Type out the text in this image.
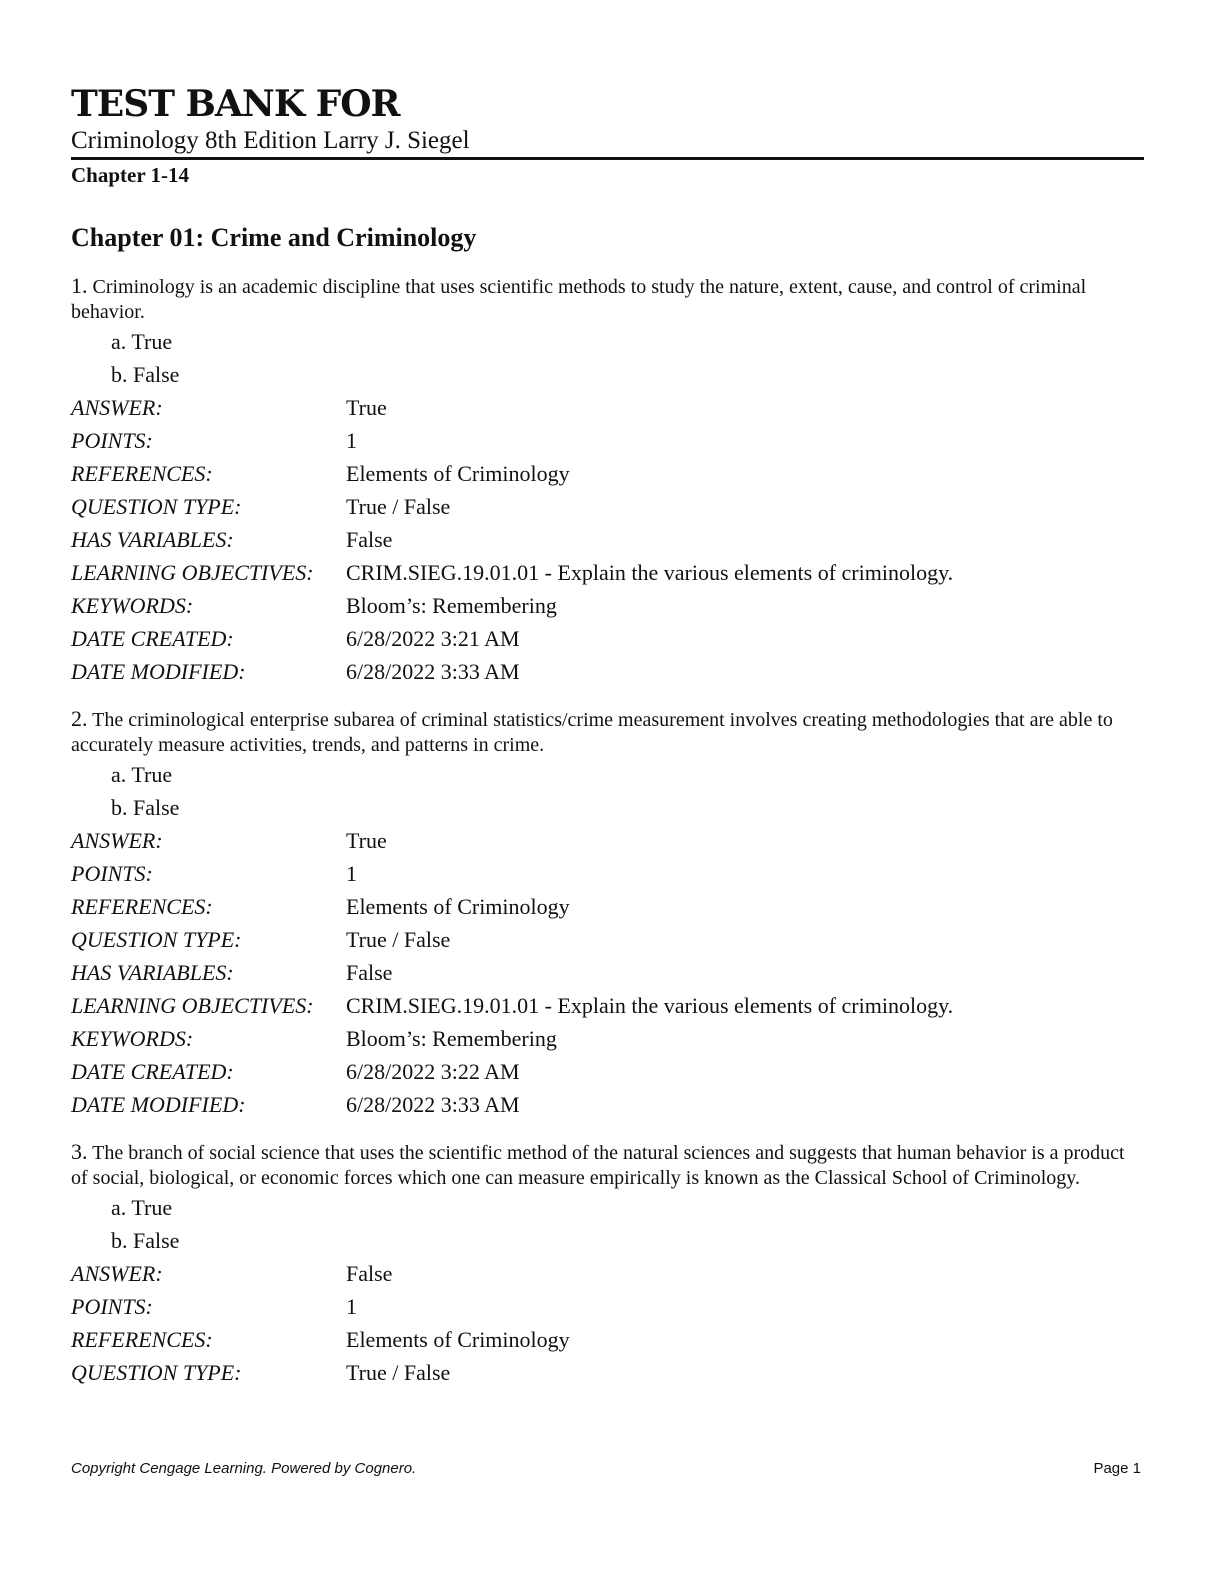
TEST BANK FOR
Criminology 8th Edition Larry J. Siegel
Chapter 1-14
Chapter 01: Crime and Criminology
1. Criminology is an academic discipline that uses scientific methods to study the nature, extent, cause, and control of criminal behavior.
a. True
b. False
ANSWER:	True
POINTS:	1
REFERENCES:	Elements of Criminology
QUESTION TYPE:	True / False
HAS VARIABLES:	False
LEARNING OBJECTIVES:	CRIM.SIEG.19.01.01 - Explain the various elements of criminology.
KEYWORDS:	Bloom’s: Remembering
DATE CREATED:	6/28/2022 3:21 AM
DATE MODIFIED:	6/28/2022 3:33 AM
2. The criminological enterprise subarea of criminal statistics/crime measurement involves creating methodologies that are able to accurately measure activities, trends, and patterns in crime.
a. True
b. False
ANSWER:	True
POINTS:	1
REFERENCES:	Elements of Criminology
QUESTION TYPE:	True / False
HAS VARIABLES:	False
LEARNING OBJECTIVES:	CRIM.SIEG.19.01.01 - Explain the various elements of criminology.
KEYWORDS:	Bloom’s: Remembering
DATE CREATED:	6/28/2022 3:22 AM
DATE MODIFIED:	6/28/2022 3:33 AM
3. The branch of social science that uses the scientific method of the natural sciences and suggests that human behavior is a product of social, biological, or economic forces which one can measure empirically is known as the Classical School of Criminology.
a. True
b. False
ANSWER:	False
POINTS:	1
REFERENCES:	Elements of Criminology
QUESTION TYPE:	True / False
Copyright Cengage Learning. Powered by Cognero.	Page 1
